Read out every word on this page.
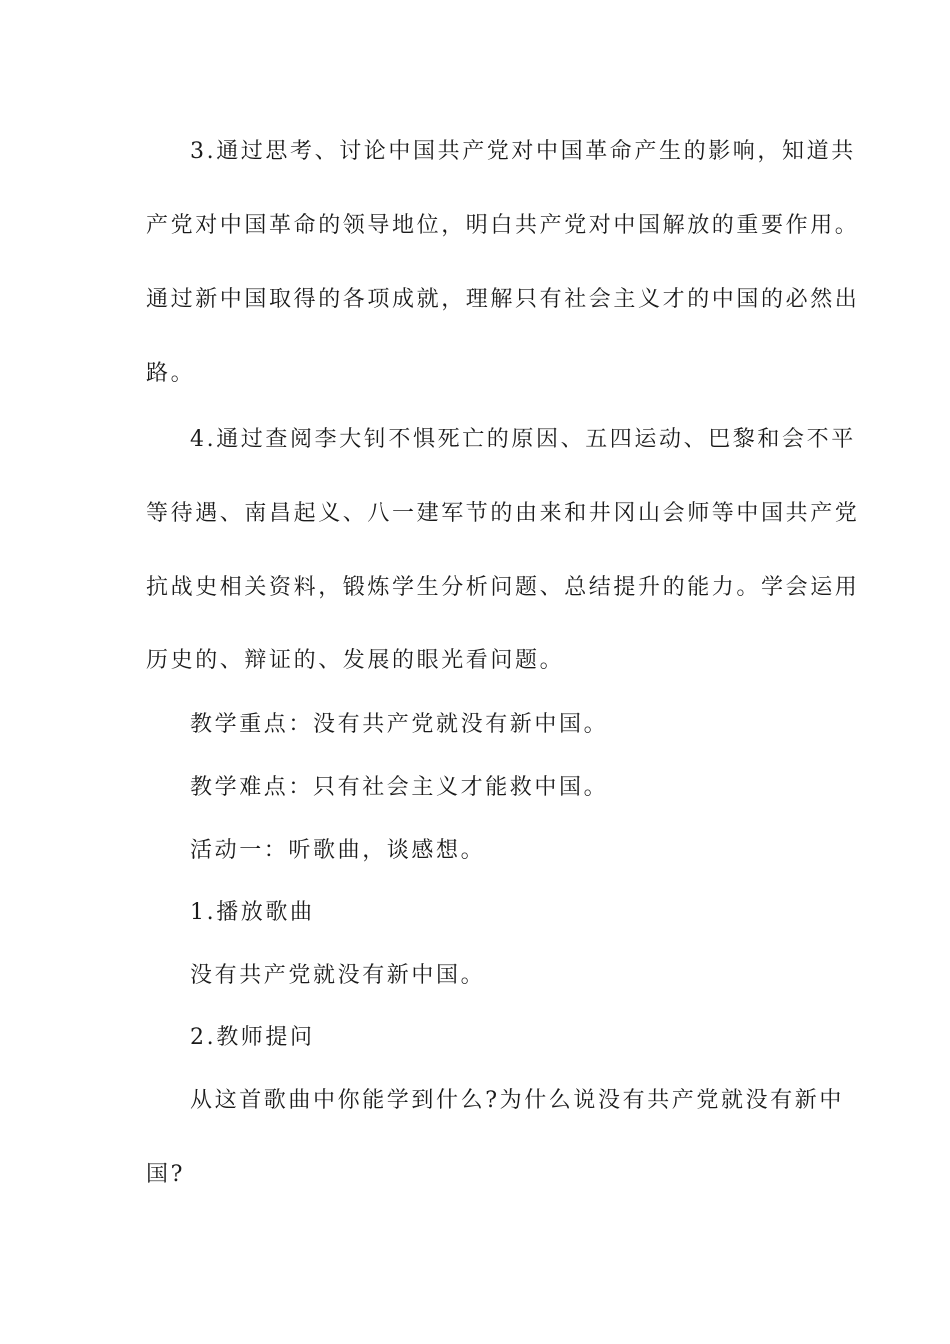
3.通过思考、讨论中国共产党对中国革命产生的影响，知道共
产党对中国革命的领导地位，明白共产党对中国解放的重要作用。
通过新中国取得的各项成就，理解只有社会主义才的中国的必然出
路。
4.通过查阅李大钊不惧死亡的原因、五四运动、巴黎和会不平
等待遇、南昌起义、八一建军节的由来和井冈山会师等中国共产党
抗战史相关资料，锻炼学生分析问题、总结提升的能力。学会运用
历史的、辩证的、发展的眼光看问题。
教学重点：没有共产党就没有新中国。
教学难点：只有社会主义才能救中国。
活动一：听歌曲，谈感想。
1.播放歌曲
没有共产党就没有新中国。
2.教师提问
从这首歌曲中你能学到什么?为什么说没有共产党就没有新中
国?
